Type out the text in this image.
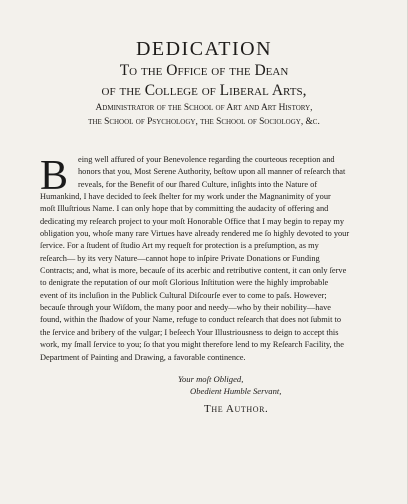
DEDICATION
To the Office of the Dean
of the College of Liberal Arts,
Adminiſtrator of the School of Art and Art History,
the School of Psychology, the School of Sociology, &c.
B	eing well affured of your Benevolence regarding the courteous reception and
honors that you, Most Serene Authority, beſtow upon all manner of reſearch that
reveals, for the Benefit of our ſhared Culture, inſights into the Nature of
Humankind, I have decided to ſeek ſhelter for my work under the Magnanimity of your
moſt Illuſtrious Name. I can only hope that by committing the audacity of offering and
dedicating my reſearch project to your moſt Honorable Office that I may begin to repay my
obligation you, whoſe many rare Virtues have already rendered me ſo highly devoted to your
ſervice. For a ſtudent of ſtudio Art my requeſt for protection is a preſumption, as my
reſearch— by its very Nature—cannot hope to inſpire Private Donations or Funding
Contracts; and, what is more, becauſe of its acerbic and retributive content, it can only ſerve
to denigrate the reputation of our moſt Glorious Inſtitution were the highly improbable
event of its incluſion in the Publick Cultural Diſcourſe ever to come to paſs. However;
becauſe through your Wiſdom, the many poor and needy—who by their nobility—have
found, within the ſhadow of your Name, refuge to conduct reſearch that does not ſubmit to
the ſervice and bribery of the vulgar; I beſeech Your Illustriousness to deign to accept this
work, my ſmall ſervice to you; ſo that you might therefore lend to my Reſearch Facility, the
Department of Painting and Drawing, a favorable continence.
Your moſt Obliged,
Obedient Humble Servant,
The Author.
